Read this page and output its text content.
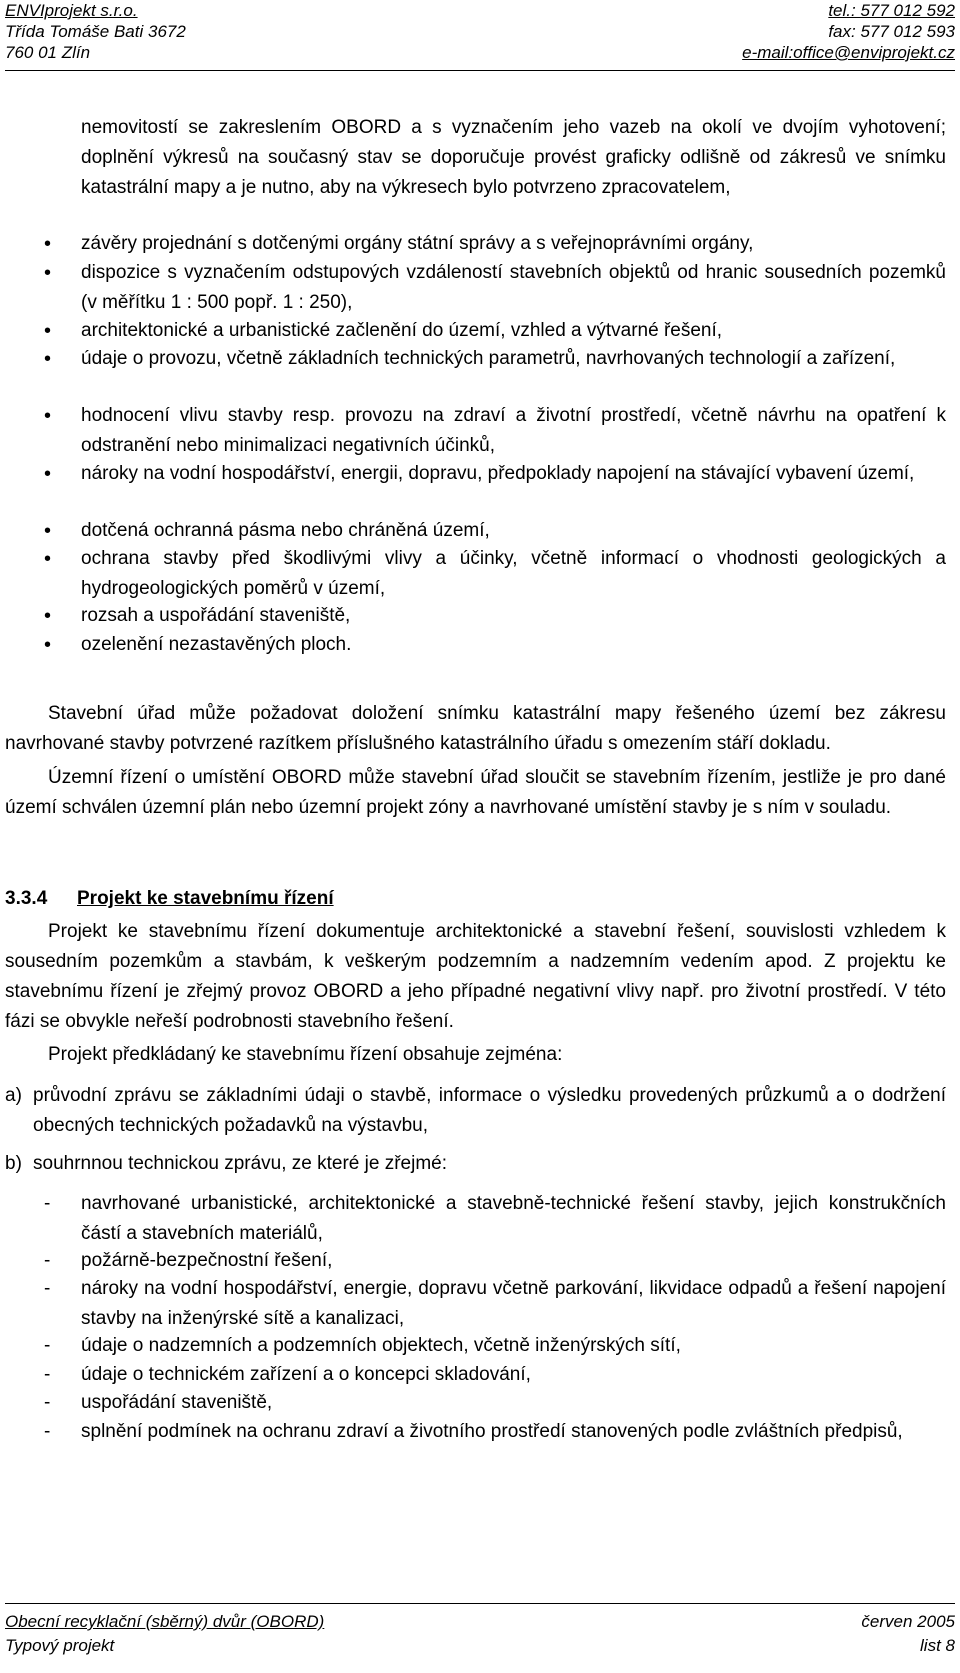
ENVIprojekt s.r.o.
Třída Tomáše Bati 3672
760 01 Zlín
tel.: 577 012 592
fax: 577 012 593
e-mail:office@enviprojekt.cz
nemovitostí se zakreslením OBORD a s vyznačením jeho vazeb na okolí ve dvojím vyhotovení; doplnění výkresů na současný stav se doporučuje provést graficky odlišně od zákresů ve snímku katastrální mapy a je nutno, aby na výkresech bylo potvrzeno zpracovatelem,
• závěry projednání s dotčenými orgány státní správy a s veřejnoprávními orgány,
• dispozice s vyznačením odstupových vzdáleností stavebních objektů od hranic sousedních pozemků (v měřítku 1 : 500 popř. 1 : 250),
• architektonické a urbanistické začlenění do území, vzhled a výtvarné řešení,
• údaje o provozu, včetně základních technických parametrů, navrhovaných technologií a zařízení,
• hodnocení vlivu stavby resp. provozu na zdraví a životní prostředí, včetně návrhu na opatření k odstranění nebo minimalizaci negativních účinků,
• nároky na vodní hospodářství, energii, dopravu, předpoklady napojení na stávající vybavení území,
• dotčená ochranná pásma nebo chráněná území,
• ochrana stavby před škodlivými vlivy a účinky, včetně informací o vhodnosti geologických a hydrogeologických poměrů v území,
• rozsah a uspořádání staveniště,
• ozelenění nezastavěných ploch.
Stavební úřad může požadovat doložení snímku katastrální mapy řešeného území bez zákresu navrhované stavby potvrzené razítkem příslušného katastrálního úřadu s omezením stáří dokladu.
Územní řízení o umístění OBORD může stavební úřad sloučit se stavebním řízením, jestliže je pro dané území schválen územní plán nebo územní projekt zóny a navrhované umístění stavby je s ním v souladu.
3.3.4 Projekt ke stavebnímu řízení
Projekt ke stavebnímu řízení dokumentuje architektonické a stavební řešení, souvislosti vzhledem k sousedním pozemkům a stavbám, k veškerým podzemním a nadzemním vedením apod. Z projektu ke stavebnímu řízení je zřejmý provoz OBORD a jeho případné negativní vlivy např. pro životní prostředí. V této fázi se obvykle neřeší podrobnosti stavebního řešení.
Projekt předkládaný ke stavebnímu řízení obsahuje zejména:
a) průvodní zprávu se základními údaji o stavbě, informace o výsledku provedených průzkumů a o dodržení obecných technických požadavků na výstavbu,
b) souhrnnou technickou zprávu, ze které je zřejmé:
- navrhované urbanistické, architektonické a stavebně-technické řešení stavby, jejich konstrukčních částí a stavebních materiálů,
- požárně-bezpečnostní řešení,
- nároky na vodní hospodářství, energie, dopravu včetně parkování, likvidace odpadů a řešení napojení stavby na inženýrské sítě a kanalizaci,
- údaje o nadzemních a podzemních objektech, včetně inženýrských sítí,
- údaje o technickém zařízení a o koncepci skladování,
- uspořádání staveniště,
- splnění podmínek na ochranu zdraví a životního prostředí stanovených podle zvláštních předpisů,
Obecní recyklační (sběrný) dvůr (OBORD)
Typový projekt
červen 2005
list 8
